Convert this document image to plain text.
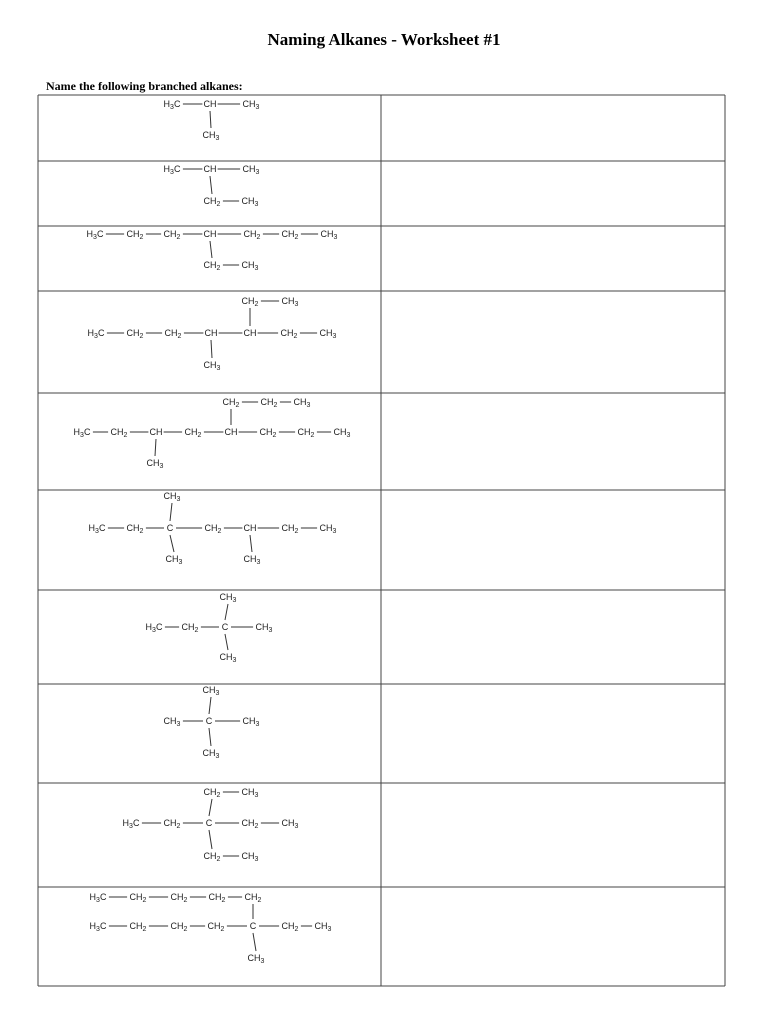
Naming Alkanes - Worksheet #1
Name the following branched alkanes:
$H_3C$	CH	$CH_3$
$CH_3$
$H_3C$	CH	$CH_3$
$CH_2$ $CH_3$
$H_3C$	$CH_2$ $CH_2$	CH	$CH_2$ $CH_2$ $CH_3$
$CH_2$ $CH_3$
$CH_2$	$CH_3$
$H_3C$ $CH_2$ $CH_2$	CH	CH	$CH_2$ $CH_3$
$CH_3$
$CH_2$ $CH_2$ $CH_3$
$H_3C$ $CH_2$ CH $CH_2$	CH $CH_2$ $CH_2$ $CH_3$
$CH_3$
$CH_3$
$H_3C$ $CH_2$	C	$CH_2$ CH	$CH_2$ $CH_3$
$CH_3$	$CH_3$
$CH_3$
$H_3C$ $CH_2$	C	$CH_3$
$CH_3$
$CH_3$
$CH_3$	C	$CH_3$
$CH_3$
$CH_2$ $CH_3$
$H_3C$	$CH_2$	C	$CH_2$	$CH_3$
$CH_2$ $CH_3$
$H_3C$	$CH_2$	$CH_2$ $CH_2$ $CH_2$
$H_3C$	$CH_2$	$CH_2$ $CH_2$	C	$CH_2$ $CH_3$
$CH_3$
